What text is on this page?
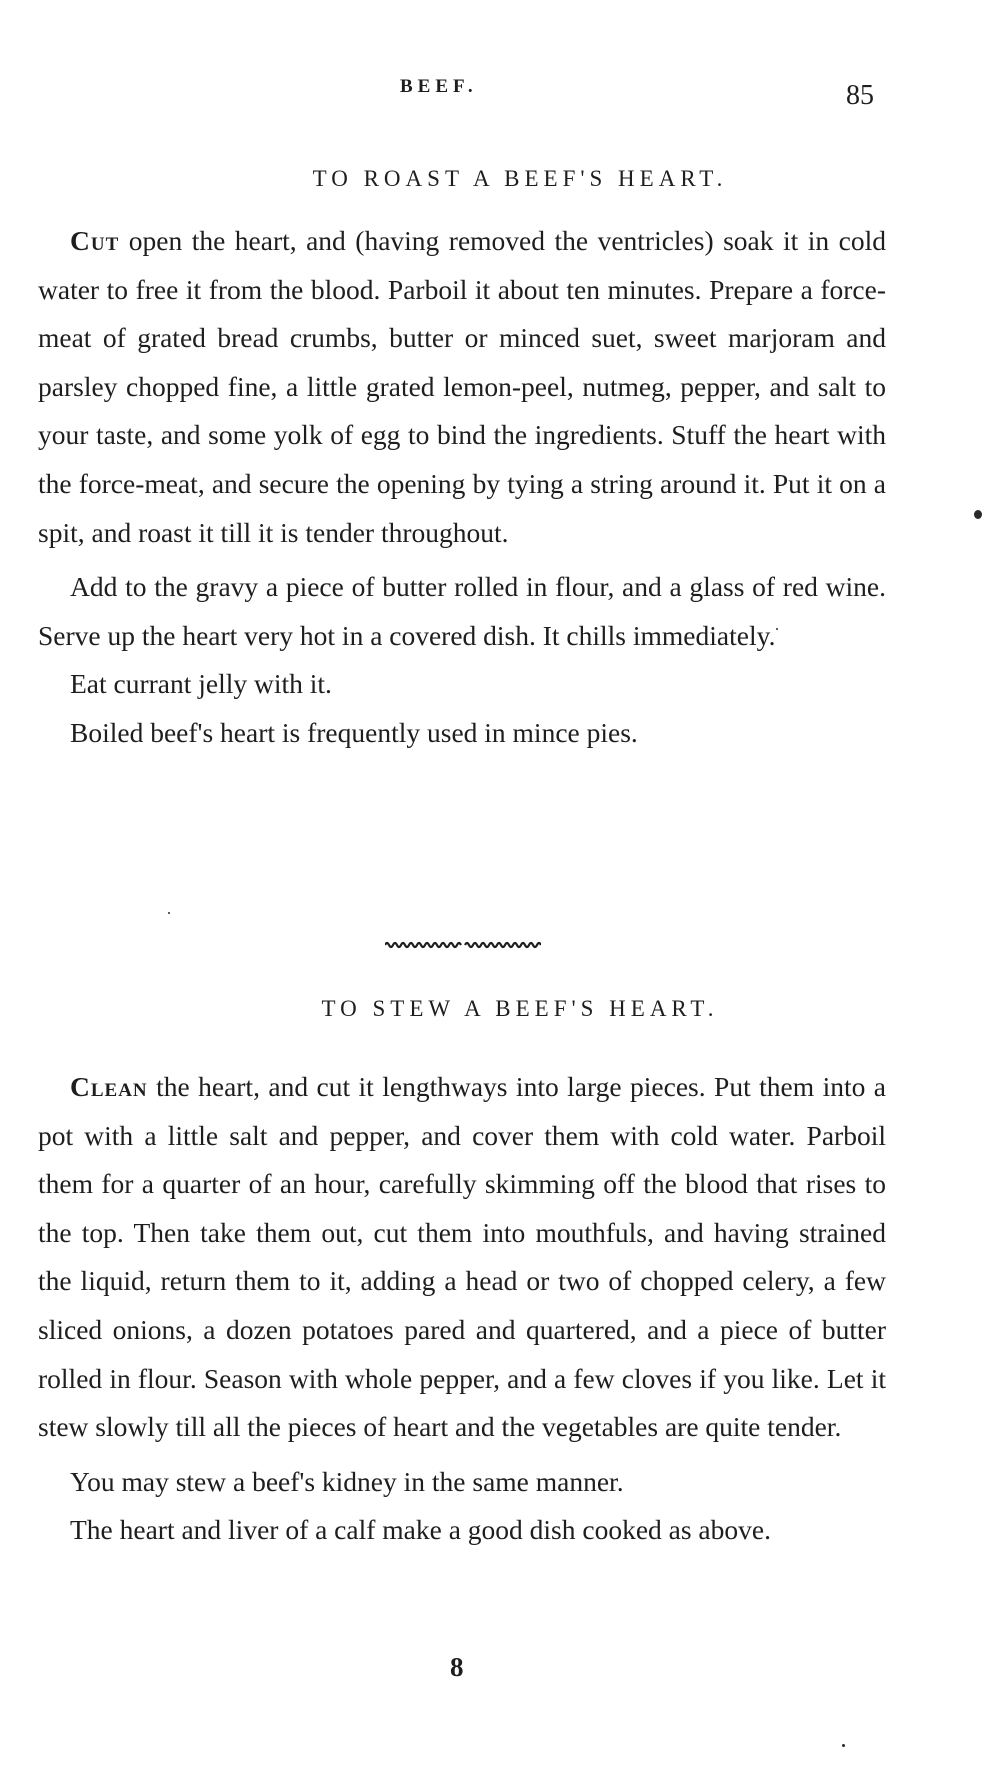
BEEF.	85
TO ROAST A BEEF'S HEART.

Cut open the heart, and (having removed the ventricles) soak it in cold water to free it from the blood. Parboil it about ten minutes. Prepare a force-meat of grated bread crumbs, butter or minced suet, sweet marjoram and parsley chopped fine, a little grated lemon-peel, nutmeg, pepper, and salt to your taste, and some yolk of egg to bind the ingredients. Stuff the heart with the force-meat, and secure the opening by tying a string around it. Put it on a spit, and roast it till it is tender throughout.

Add to the gravy a piece of butter rolled in flour, and a glass of red wine. Serve up the heart very hot in a covered dish. It chills immediately.

Eat currant jelly with it.

Boiled beef's heart is frequently used in mince pies.

TO STEW A BEEF'S HEART.

Clean the heart, and cut it lengthways into large pieces. Put them into a pot with a little salt and pepper, and cover them with cold water. Parboil them for a quarter of an hour, carefully skimming off the blood that rises to the top. Then take them out, cut them into mouthfuls, and having strained the liquid, return them to it, adding a head or two of chopped celery, a few sliced onions, a dozen potatoes pared and quartered, and a piece of butter rolled in flour. Season with whole pepper, and a few cloves if you like. Let it stew slowly till all the pieces of heart and the vegetables are quite tender.

You may stew a beef's kidney in the same manner.

The heart and liver of a calf make a good dish cooked as above.

8
